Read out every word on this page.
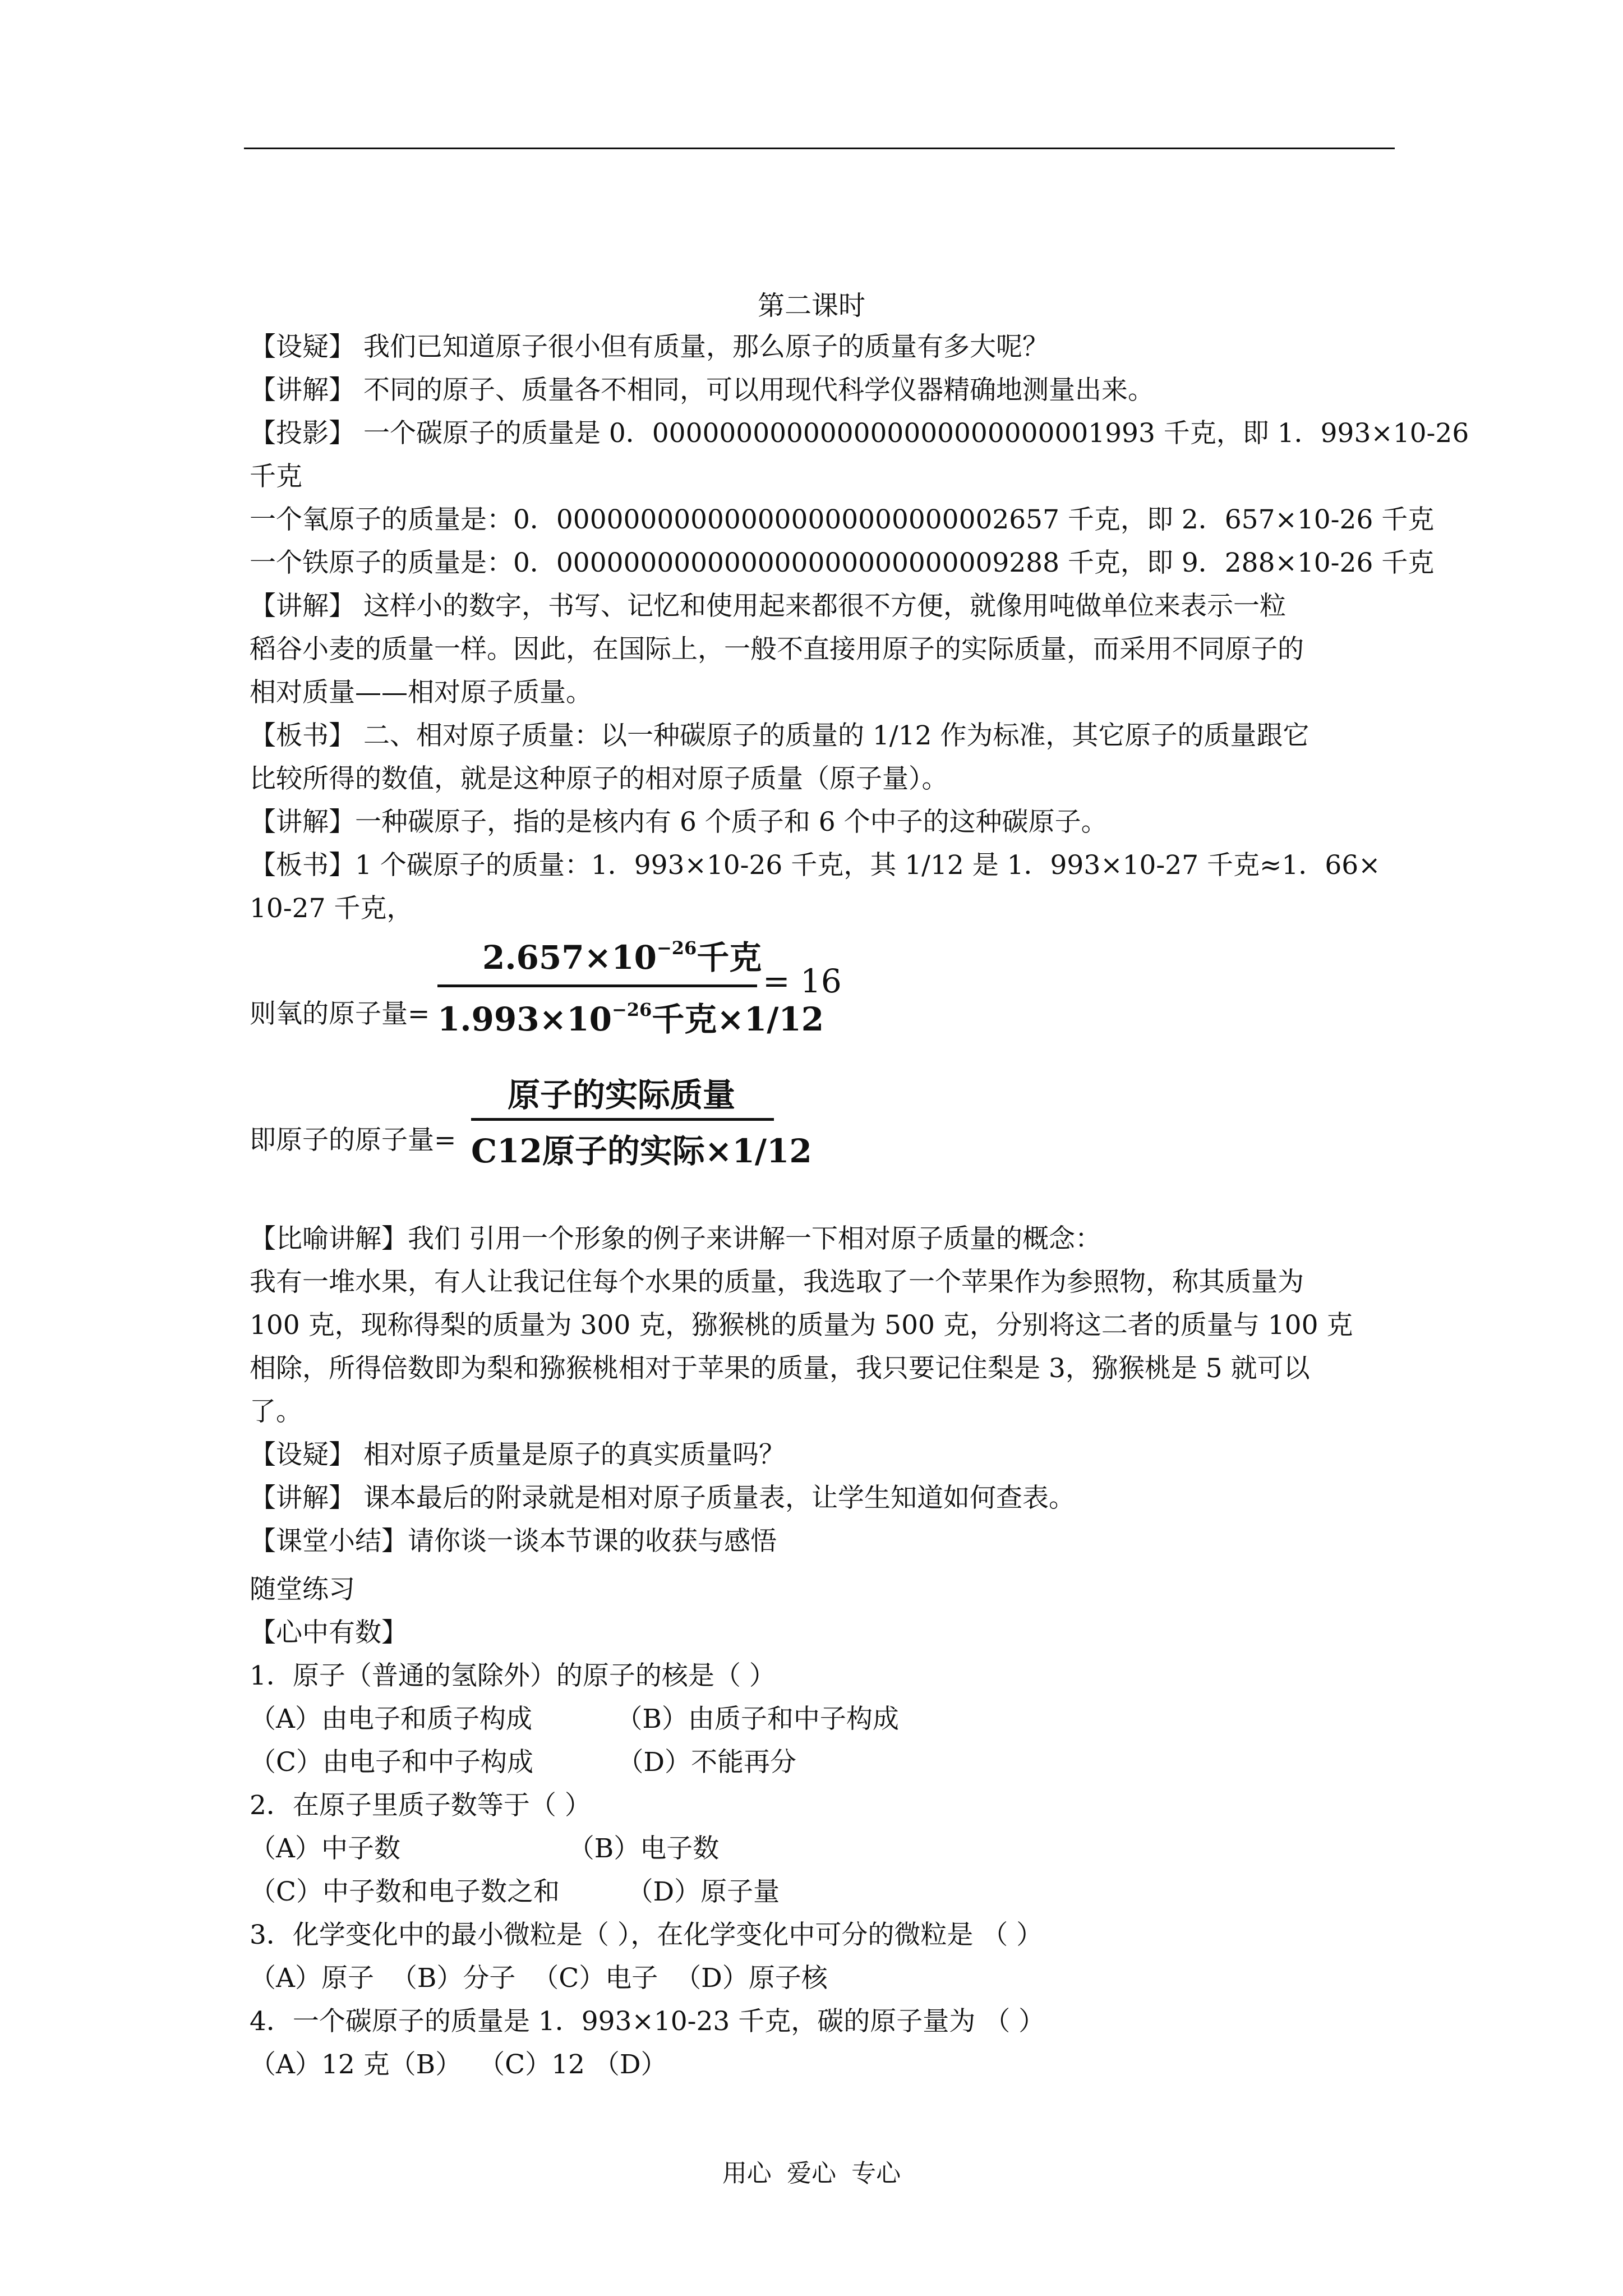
第二课时
【设疑】 我们已知道原子很小但有质量，那么原子的质量有多大呢？
【讲解】 不同的原子、质量各不相同，可以用现代科学仪器精确地测量出来。
【投影】 一个碳原子的质量是 0．000000000000000000000000001993 千克，即 1．993×10-26
千克
一个氧原子的质量是：0．000000000000000000000000002657 千克，即 2．657×10-26 千克
一个铁原子的质量是：0．000000000000000000000000009288 千克，即 9．288×10-26 千克
【讲解】 这样小的数字，书写、记忆和使用起来都很不方便，就像用吨做单位来表示一粒
稻谷小麦的质量一样。因此，在国际上，一般不直接用原子的实际质量，而采用不同原子的
相对质量——相对原子质量。
【板书】 二、相对原子质量：以一种碳原子的质量的 1/12 作为标准，其它原子的质量跟它
比较所得的数值，就是这种原子的相对原子质量（原子量）。
【讲解】一种碳原子，指的是核内有 6 个质子和 6 个中子的这种碳原子。
【板书】1 个碳原子的质量：1．993×10-26 千克，其 1/12 是 1．993×10-27 千克≈1．66×
10-27 千克，
则氧的原子量=
$2.657\times 10^{-26}$千克
$1.993\times 10^{-26}$千克×1/12
= 16
即原子的原子量=
原子的实际质量
C12原子的实际×1/12
【比喻讲解】我们 引用一个形象的例子来讲解一下相对原子质量的概念：
我有一堆水果，有人让我记住每个水果的质量，我选取了一个苹果作为参照物，称其质量为
100 克，现称得梨的质量为 300 克，猕猴桃的质量为 500 克，分别将这二者的质量与 100 克
相除，所得倍数即为梨和猕猴桃相对于苹果的质量，我只要记住梨是 3，猕猴桃是 5 就可以
了。
【设疑】 相对原子质量是原子的真实质量吗？
【讲解】 课本最后的附录就是相对原子质量表，让学生知道如何查表。
【课堂小结】请你谈一谈本节课的收获与感悟
随堂练习
【心中有数】
1．原子（普通的氢除外）的原子的核是（ ）
（A）由电子和质子构成          （B）由质子和中子构成
（C）由电子和中子构成          （D）不能再分
2．在原子里质子数等于（ ）
（A）中子数                    （B）电子数
（C）中子数和电子数之和        （D）原子量
3．化学变化中的最小微粒是（ ），在化学变化中可分的微粒是 （ ）
（A）原子  （B）分子  （C）电子  （D）原子核
4．一个碳原子的质量是 1．993×10-23 千克，碳的原子量为 （ ）
（A）12 克（B）  （C）12 （D）
用心 爱心 专心
